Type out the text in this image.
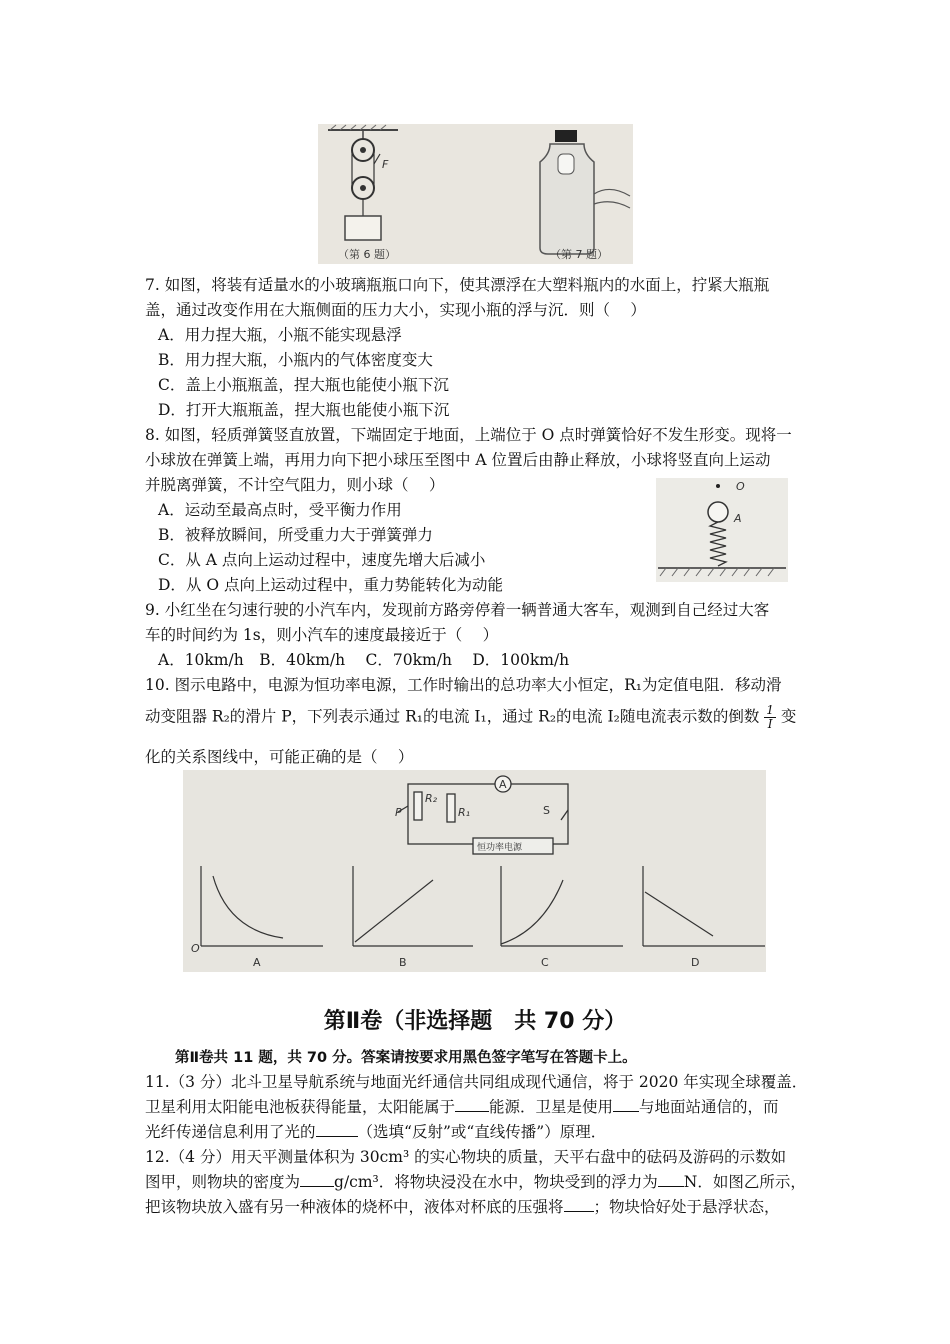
F
（第 6 题）	（第 7 题）
7. 如图，将装有适量水的小玻璃瓶瓶口向下，使其漂浮在大塑料瓶内的水面上，拧紧大瓶瓶
盖，通过改变作用在大瓶侧面的压力大小，实现小瓶的浮与沉．则（　 ）
A．用力捏大瓶，小瓶不能实现悬浮
B．用力捏大瓶，小瓶内的气体密度变大
C．盖上小瓶瓶盖，捏大瓶也能使小瓶下沉
D．打开大瓶瓶盖，捏大瓶也能使小瓶下沉
8. 如图，轻质弹簧竖直放置，下端固定于地面，上端位于 O 点时弹簧恰好不发生形变。现将一
小球放在弹簧上端，再用力向下把小球压至图中 A 位置后由静止释放，小球将竖直向上运动
并脱离弹簧，不计空气阻力，则小球（　 ）
A．运动至最高点时，受平衡力作用
B．被释放瞬间，所受重力大于弹簧弹力
C．从 A 点向上运动过程中，速度先增大后减小
D．从 O 点向上运动过程中，重力势能转化为动能
O
A
9. 小红坐在匀速行驶的小汽车内，发现前方路旁停着一辆普通大客车，观测到自己经过大客
车的时间约为 1s，则小汽车的速度最接近于（　 ）
A．10km/h　B．40km/h　 C．70km/h　 D．100km/h
10. 图示电路中，电源为恒功率电源，工作时输出的总功率大小恒定，R₁为定值电阻．移动滑
动变阻器 R₂的滑片 P，下列表示通过 R₁的电流 I₁，通过 R₂的电流 I₂随电流表示数的倒数 $\frac{1}{I}$ 变
化的关系图线中，可能正确的是（　 ）
A
R₂
R₁
P	S
恒功率电源
O
A	B	C	D
第Ⅱ卷（非选择题　共 70 分）
第Ⅱ卷共 11 题，共 70 分。答案请按要求用黑色签字笔写在答题卡上。
11.（3 分）北斗卫星导航系统与地面光纤通信共同组成现代通信，将于 2020 年实现全球覆盖．
卫星利用太阳能电池板获得能量，太阳能属于 能源．卫星是使用 与地面站通信的，而
光纤传递信息利用了光的	（选填“反射”或“直线传播”）原理．
12.（4 分）用天平测量体积为 30cm³ 的实心物块的质量，天平右盘中的砝码及游码的示数如
图甲，则物块的密度为 g/cm³．将物块浸没在水中，物块受到的浮力为 N．如图乙所示，
把该物块放入盛有另一种液体的烧杯中，液体对杯底的压强将 ；物块恰好处于悬浮状态，
